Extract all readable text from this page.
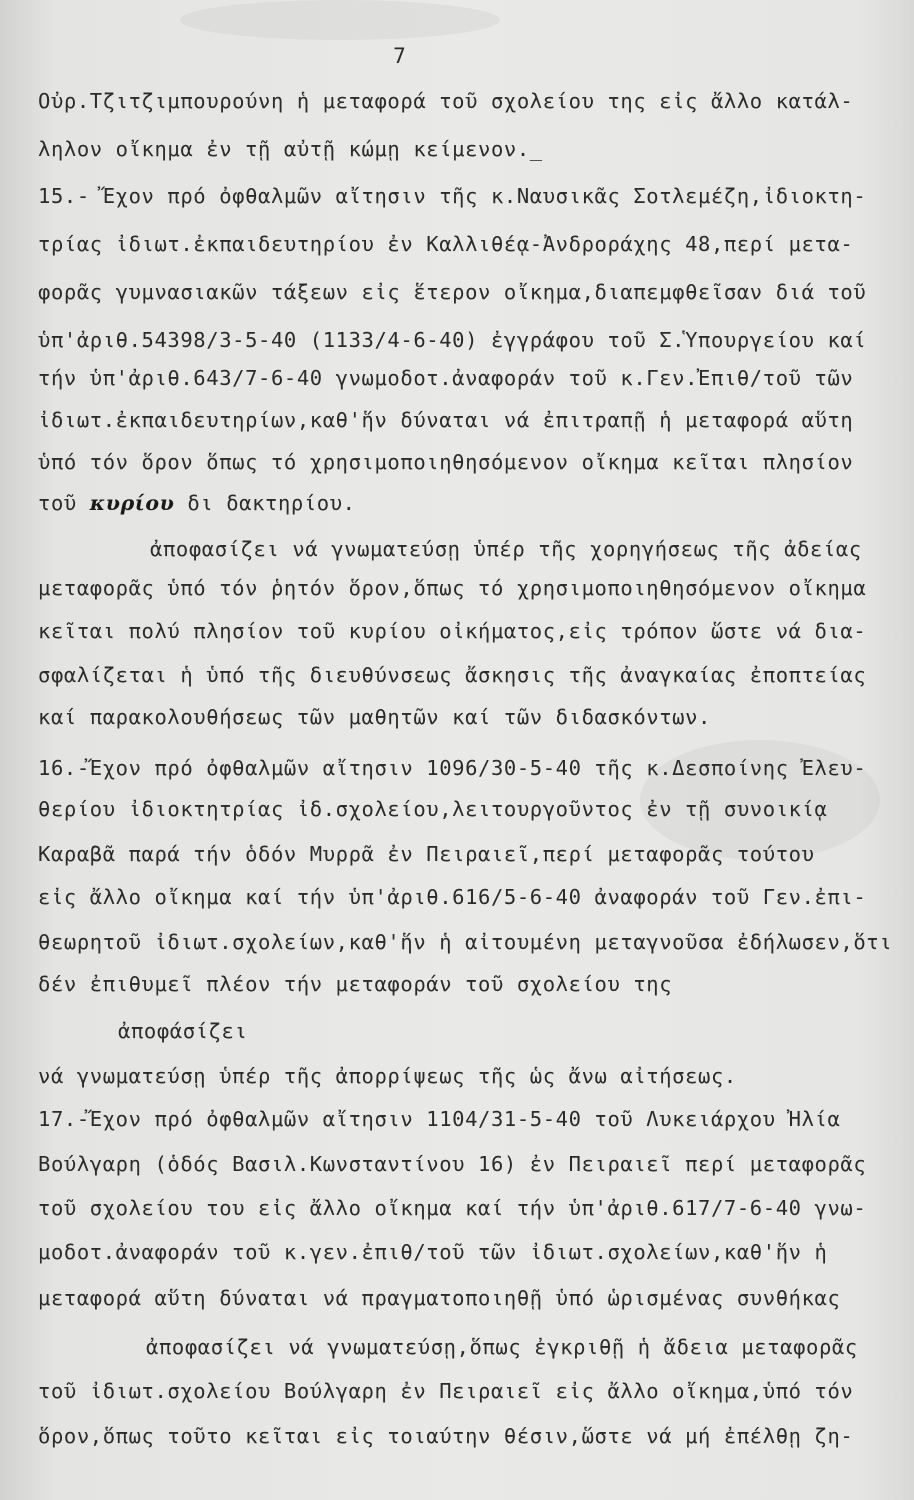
7
Οὐρ.Τζιτζιμπουρούνη ἡ μεταφορά τοῦ σχολείου της εἰς ἄλλο κατάλ-
ληλον οἴκημα ἐν τῇ αὐτῇ κώμῃ κείμενον._
15.- Ἔχον πρό ὀφθαλμῶν αἴτησιν τῆς κ.Ναυσικᾶς Σοτλεμέζη,ἰδιοκτη-
τρίας ἰδιωτ.ἐκπαιδευτηρίου ἐν Καλλιθέᾳ-Ἀνδροράχης 48,περί μετα-
φορᾶς γυμνασιακῶν τάξεων εἰς ἕτερον οἴκημα,διαπεμφθεῖσαν διά τοῦ
ὑπ'ἀριθ.54398/3-5-40 (1133/4-6-40) ἐγγράφου τοῦ Σ.Ὑπουργείου καί
τήν ὑπ'ἀριθ.643/7-6-40 γνωμοδοτ.ἀναφοράν τοῦ κ.Γεν.Ἐπιθ/τοῦ τῶν
ἰδιωτ.ἐκπαιδευτηρίων,καθ'ἥν δύναται νά ἐπιτραπῇ ἡ μεταφορά αὕτη
ὑπό τόν ὅρον ὅπως τό χρησιμοποιηθησόμενον οἴκημα κεῖται πλησίον
τοῦ κυρίου δι δακτηρίου.
ἀποφασίζει νά γνωματεύσῃ ὑπέρ τῆς χορηγήσεως τῆς ἀδείας
μεταφορᾶς ὑπό τόν ῥητόν ὅρον,ὅπως τό χρησιμοποιηθησόμενον οἴκημα
κεῖται πολύ πλησίον τοῦ κυρίου οἰκήματος,εἰς τρόπον ὥστε νά δια-
σφαλίζεται ἡ ὑπό τῆς διευθύνσεως ἄσκησις τῆς ἀναγκαίας ἐποπτείας
καί παρακολουθήσεως τῶν μαθητῶν καί τῶν διδασκόντων.
16.-Ἔχον πρό ὀφθαλμῶν αἴτησιν 1096/30-5-40 τῆς κ.Δεσποίνης Ἐλευ-
θερίου ἰδιοκτητρίας ἰδ.σχολείου,λειτουργοῦντος ἐν τῇ συνοικίᾳ
Καραβᾶ παρά τήν ὁδόν Μυρρᾶ ἐν Πειραιεῖ,περί μεταφορᾶς τούτου
εἰς ἄλλο οἴκημα καί τήν ὑπ'ἀριθ.616/5-6-40 ἀναφοράν τοῦ Γεν.ἐπι-
θεωρητοῦ ἰδιωτ.σχολείων,καθ'ἥν ἡ αἰτουμένη μεταγνοῦσα ἐδήλωσεν,ὅτι
δέν ἐπιθυμεῖ πλέον τήν μεταφοράν τοῦ σχολείου της
ἀποφάσίζει
νά γνωματεύσῃ ὑπέρ τῆς ἀπορρίψεως τῆς ὡς ἄνω αἰτήσεως.
17.-Ἔχον πρό ὀφθαλμῶν αἴτησιν 1104/31-5-40 τοῦ Λυκειάρχου Ἠλία
Βούλγαρη (ὁδός Βασιλ.Κωνσταντίνου 16) ἐν Πειραιεῖ περί μεταφορᾶς
τοῦ σχολείου του εἰς ἄλλο οἴκημα καί τήν ὑπ'ἀριθ.617/7-6-40 γνω-
μοδοτ.ἀναφοράν τοῦ κ.γεν.ἐπιθ/τοῦ τῶν ἰδιωτ.σχολείων,καθ'ἥν ἡ
μεταφορά αὕτη δύναται νά πραγματοποιηθῇ ὑπό ὡρισμένας συνθήκας
ἀποφασίζει νά γνωματεύσῃ,ὅπως ἐγκριθῇ ἡ ἄδεια μεταφορᾶς
τοῦ ἰδιωτ.σχολείου Βούλγαρη ἐν Πειραιεῖ εἰς ἄλλο οἴκημα,ὑπό τόν
ὅρον,ὅπως τοῦτο κεῖται εἰς τοιαύτην θέσιν,ὥστε νά μή ἐπέλθῃ ζη-
